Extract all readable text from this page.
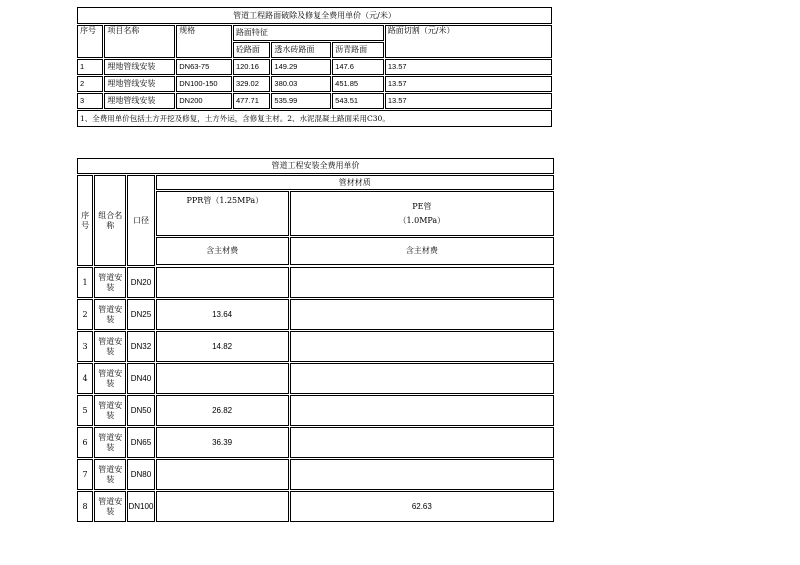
管道工程路面破除及修复全费用单价（元/米）						
序号	项目名称	规格	路面特征			路面切割（元/米）
			砼路面	透水砖路面	沥青路面	
1	埋地管线安装	DN63-75	120.16	149.29	147.6	13.57
2	埋地管线安装	DN100-150	329.02	380.03	451.85	13.57
3	埋地管线安装	DN200	477.71	535.99	543.51	13.57
1、全费用单价包括土方开挖及修复，土方外运，含修复主材。2、水泥混凝土路面采用C30。						
管道工程安装全费用单价				
序号	组合名称	口径	管材材质	
			PPR管（1.25MPa）	PE管
（1.0MPa）
			含主材费	含主材费

1	管道安装	DN20		
2	管道安装	DN25	13.64	
3	管道安装	DN32	14.82	
4	管道安装	DN40		
5	管道安装	DN50	26.82	
6	管道安装	DN65	36.39	
7	管道安装	DN80		
8	管道安装	DN100		62.63
